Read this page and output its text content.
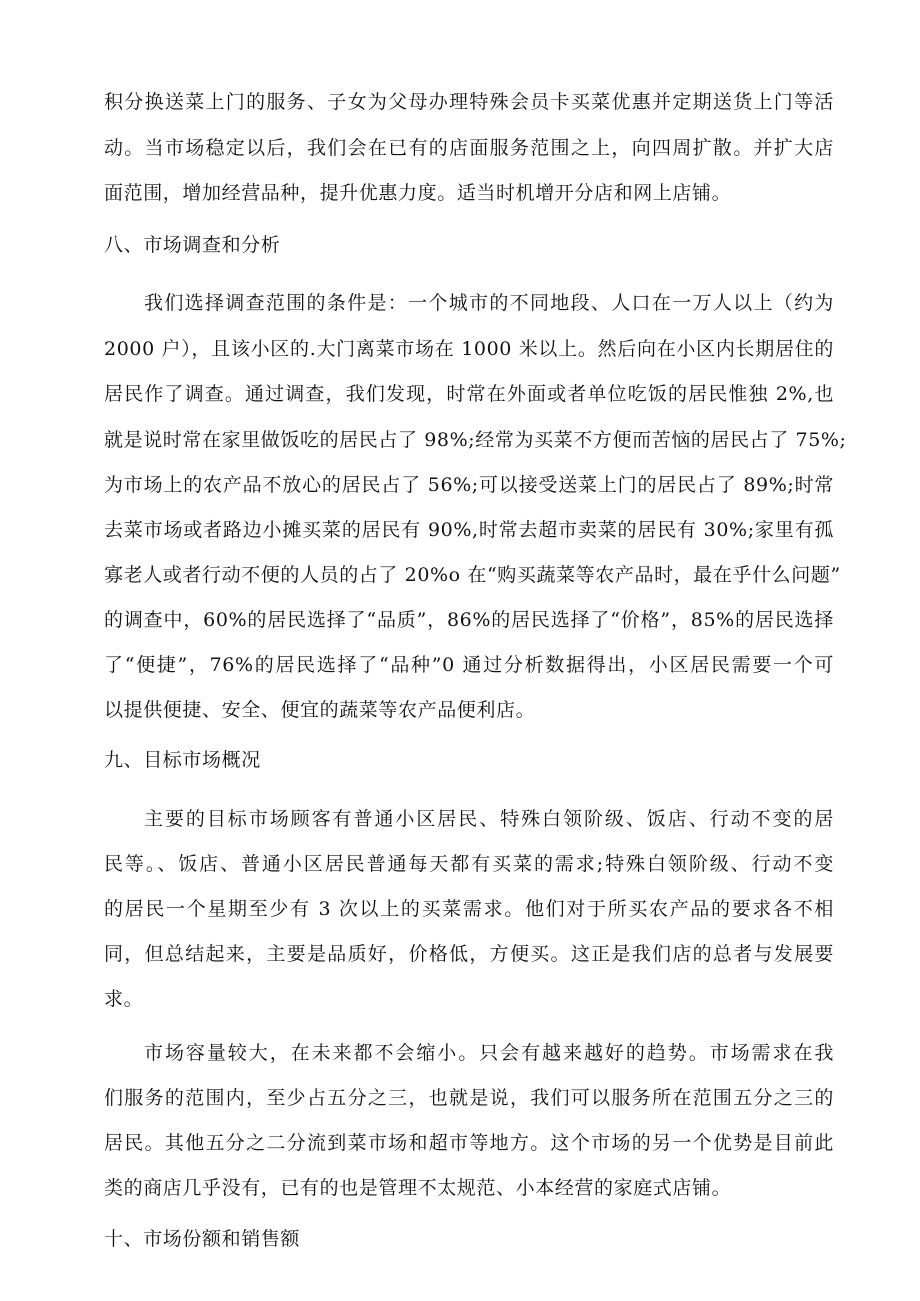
积分换送菜上门的服务、子女为父母办理特殊会员卡买菜优惠并定期送货上门等活
动。当市场稳定以后，我们会在已有的店面服务范围之上，向四周扩散。并扩大店
面范围，增加经营品种，提升优惠力度。适当时机增开分店和网上店铺。
八、市场调查和分析
我们选择调查范围的条件是：一个城市的不同地段、人口在一万人以上（约为
2000 户），且该小区的.大门离菜市场在 1000 米以上。然后向在小区内长期居住的
居民作了调查。通过调查，我们发现，时常在外面或者单位吃饭的居民惟独 2%,也
就是说时常在家里做饭吃的居民占了 98%;经常为买菜不方便而苦恼的居民占了 75%;
为市场上的农产品不放心的居民占了 56%;可以接受送菜上门的居民占了 89%;时常
去菜市场或者路边小摊买菜的居民有 90%,时常去超市卖菜的居民有 30%;家里有孤
寡老人或者行动不便的人员的占了 20%o 在“购买蔬菜等农产品时，最在乎什么问题”
的调查中，60%的居民选择了“品质”，86%的居民选择了“价格”，85%的居民选择
了“便捷”，76%的居民选择了“品种”0 通过分析数据得出，小区居民需要一个可
以提供便捷、安全、便宜的蔬菜等农产品便利店。
九、目标市场概况
主要的目标市场顾客有普通小区居民、特殊白领阶级、饭店、行动不变的居
民等。、饭店、普通小区居民普通每天都有买菜的需求;特殊白领阶级、行动不变
的居民一个星期至少有 3 次以上的买菜需求。他们对于所买农产品的要求各不相
同，但总结起来，主要是品质好，价格低，方便买。这正是我们店的总者与发展要
求。
市场容量较大，在未来都不会缩小。只会有越来越好的趋势。市场需求在我
们服务的范围内，至少占五分之三，也就是说，我们可以服务所在范围五分之三的
居民。其他五分之二分流到菜市场和超市等地方。这个市场的另一个优势是目前此
类的商店几乎没有，已有的也是管理不太规范、小本经营的家庭式店铺。
十、市场份额和销售额
